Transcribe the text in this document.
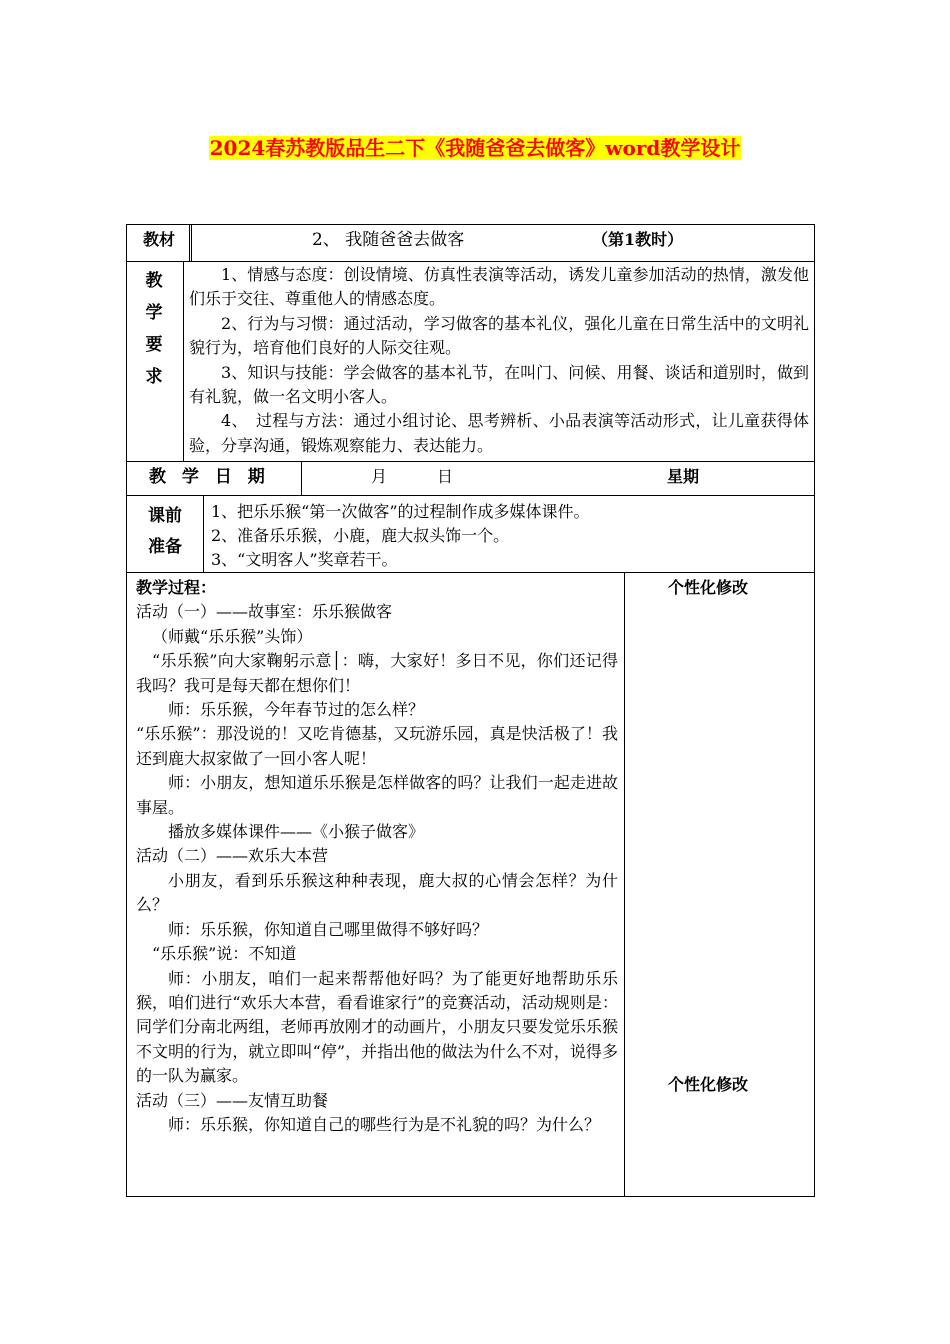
2024春苏教版品生二下《我随爸爸去做客》word教学设计
教材	2、 我随爸爸去做客	（第1教时）
教
学
要
求

1、情感与态度：创设情境、仿真性表演等活动，诱发儿童参加活动的热情，激发他们乐于交往、尊重他人的情感态度。

2、行为与习惯：通过活动，学习做客的基本礼仪，强化儿童在日常生活中的文明礼貌行为，培育他们良好的人际交往观。

3、知识与技能：学会做客的基本礼节，在叫门、问候、用餐、谈话和道别时，做到有礼貌，做一名文明小客人。

4、　过程与方法：通过小组讨论、思考辨析、小品表演等活动形式，让儿童获得体验，分享沟通，锻炼观察能力、表达能力。

教 学 日 期	月	日	星期
课前
准备

1、把乐乐猴“第一次做客”的过程制作成多媒体课件。

2、准备乐乐猴，小鹿，鹿大叔头饰一个。

3、“文明客人”奖章若干。

教学过程：

活动（一）——故事室：乐乐猴做客

（师戴“乐乐猴”头饰）

“乐乐猴”向大家鞠躬示意│：嗨，大家好！多日不见，你们还记得我吗？我可是每天都在想你们！

师：乐乐猴，今年春节过的怎么样？

“乐乐猴”：那没说的！又吃肯德基，又玩游乐园，真是快活极了！我还到鹿大叔家做了一回小客人呢！

师：小朋友，想知道乐乐猴是怎样做客的吗？让我们一起走进故事屋。

播放多媒体课件——《小猴子做客》

活动（二）——欢乐大本营

小朋友，看到乐乐猴这种种表现，鹿大叔的心情会怎样？为什么？

师：乐乐猴，你知道自己哪里做得不够好吗？

“乐乐猴”说：不知道

师：小朋友，咱们一起来帮帮他好吗？为了能更好地帮助乐乐猴，咱们进行“欢乐大本营，看看谁家行”的竞赛活动，活动规则是：同学们分南北两组，老师再放刚才的动画片，小朋友只要发觉乐乐猴不文明的行为，就立即叫“停”，并指出他的做法为什么不对，说得多的一队为赢家。

活动（三）——友情互助餐

师：乐乐猴，你知道自己的哪些行为是不礼貌的吗？为什么？

个性化修改
个性化修改
